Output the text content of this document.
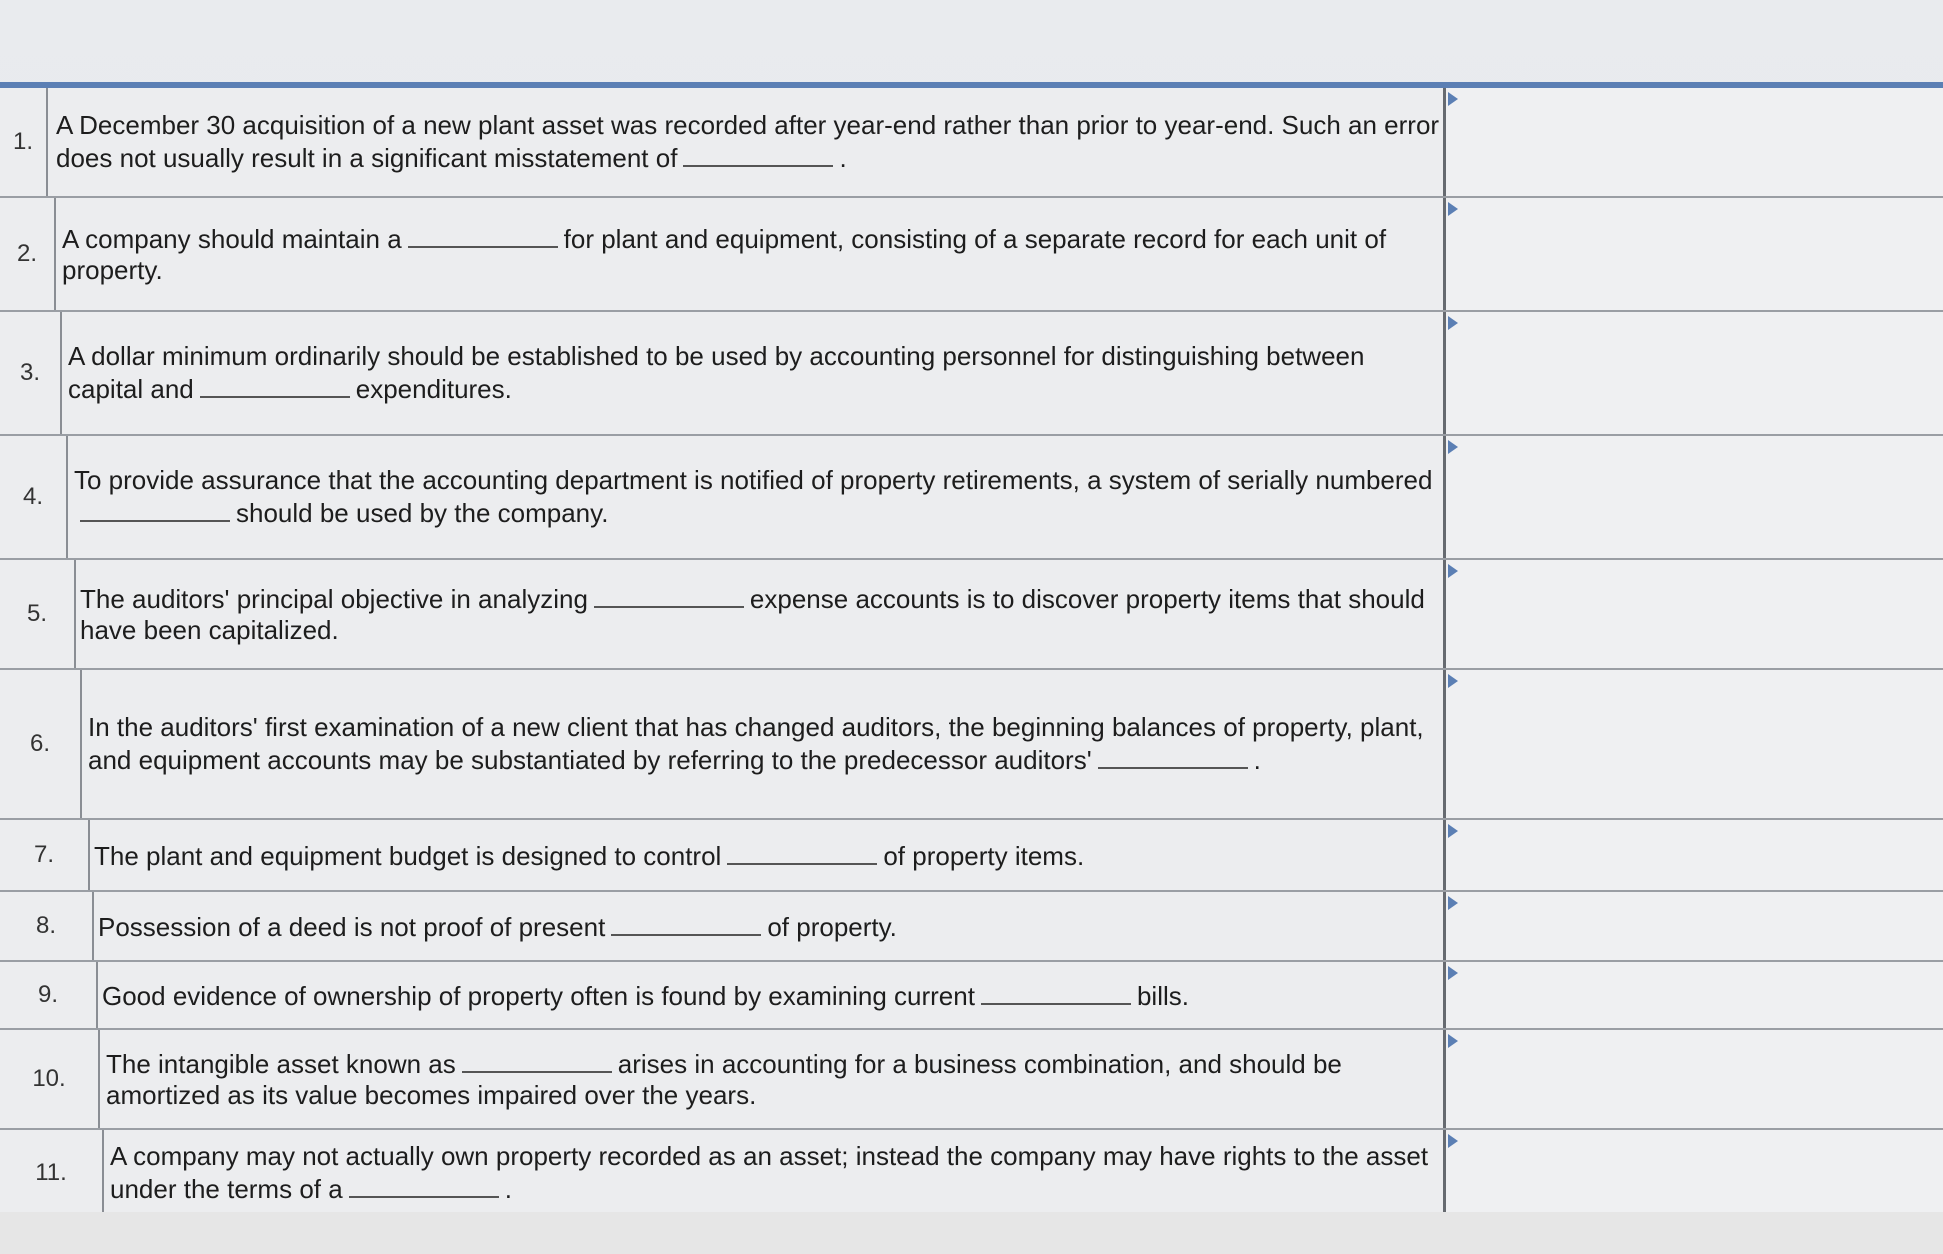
1.

A December 30 acquisition of a new plant asset was recorded after year-end rather than prior to year-end. Such an error does not usually result in a significant misstatement of	.

2. A company should maintain a	for plant and equipment, consisting of a separate record for each unit of property.

3.

A dollar minimum ordinarily should be established to be used by accounting personnel for distinguishing between capital and	expenditures.

4.

To provide assurance that the accounting department is notified of property retirements, a system of serially numberedshould be used by the company.

5.	The auditors' principal objective in analyzing	expense accounts is to discover property items that should have been capitalized.

6.

In the auditors' first examination of a new client that has changed auditors, the beginning balances of property, plant, and equipment accounts may be substantiated by referring to the predecessor auditors'	.

7.	The plant and equipment budget is designed to control	of property items.

8.	Possession of a deed is not proof of present	of property.

9.	Good evidence of ownership of property often is found by examining current	bills.

10.	The intangible asset known as	arises in accounting for a business combination, and should be amortized as its value becomes impaired over the years.

11.

A company may not actually own property recorded as an asset; instead the company may have rights to the asset under the terms of a	.
